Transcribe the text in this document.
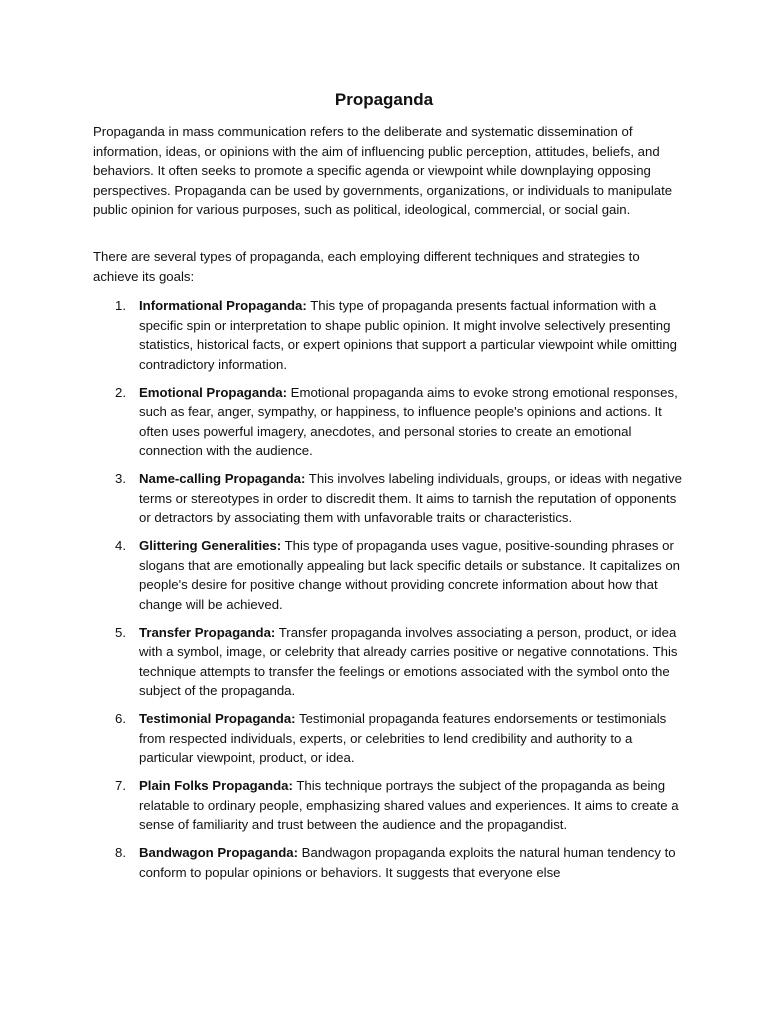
Propaganda

Propaganda in mass communication refers to the deliberate and systematic dissemination of information, ideas, or opinions with the aim of influencing public perception, attitudes, beliefs, and behaviors. It often seeks to promote a specific agenda or viewpoint while downplaying opposing perspectives. Propaganda can be used by governments, organizations, or individuals to manipulate public opinion for various purposes, such as political, ideological, commercial, or social gain.

There are several types of propaganda, each employing different techniques and strategies to achieve its goals:

1. Informational Propaganda: This type of propaganda presents factual information with a specific spin or interpretation to shape public opinion. It might involve selectively presenting statistics, historical facts, or expert opinions that support a particular viewpoint while omitting contradictory information.
2. Emotional Propaganda: Emotional propaganda aims to evoke strong emotional responses, such as fear, anger, sympathy, or happiness, to influence people's opinions and actions. It often uses powerful imagery, anecdotes, and personal stories to create an emotional connection with the audience.
3. Name-calling Propaganda: This involves labeling individuals, groups, or ideas with negative terms or stereotypes in order to discredit them. It aims to tarnish the reputation of opponents or detractors by associating them with unfavorable traits or characteristics.
4. Glittering Generalities: This type of propaganda uses vague, positive-sounding phrases or slogans that are emotionally appealing but lack specific details or substance. It capitalizes on people's desire for positive change without providing concrete information about how that change will be achieved.
5. Transfer Propaganda: Transfer propaganda involves associating a person, product, or idea with a symbol, image, or celebrity that already carries positive or negative connotations. This technique attempts to transfer the feelings or emotions associated with the symbol onto the subject of the propaganda.
6. Testimonial Propaganda: Testimonial propaganda features endorsements or testimonials from respected individuals, experts, or celebrities to lend credibility and authority to a particular viewpoint, product, or idea.
7. Plain Folks Propaganda: This technique portrays the subject of the propaganda as being relatable to ordinary people, emphasizing shared values and experiences. It aims to create a sense of familiarity and trust between the audience and the propagandist.
8. Bandwagon Propaganda: Bandwagon propaganda exploits the natural human tendency to conform to popular opinions or behaviors. It suggests that everyone else
